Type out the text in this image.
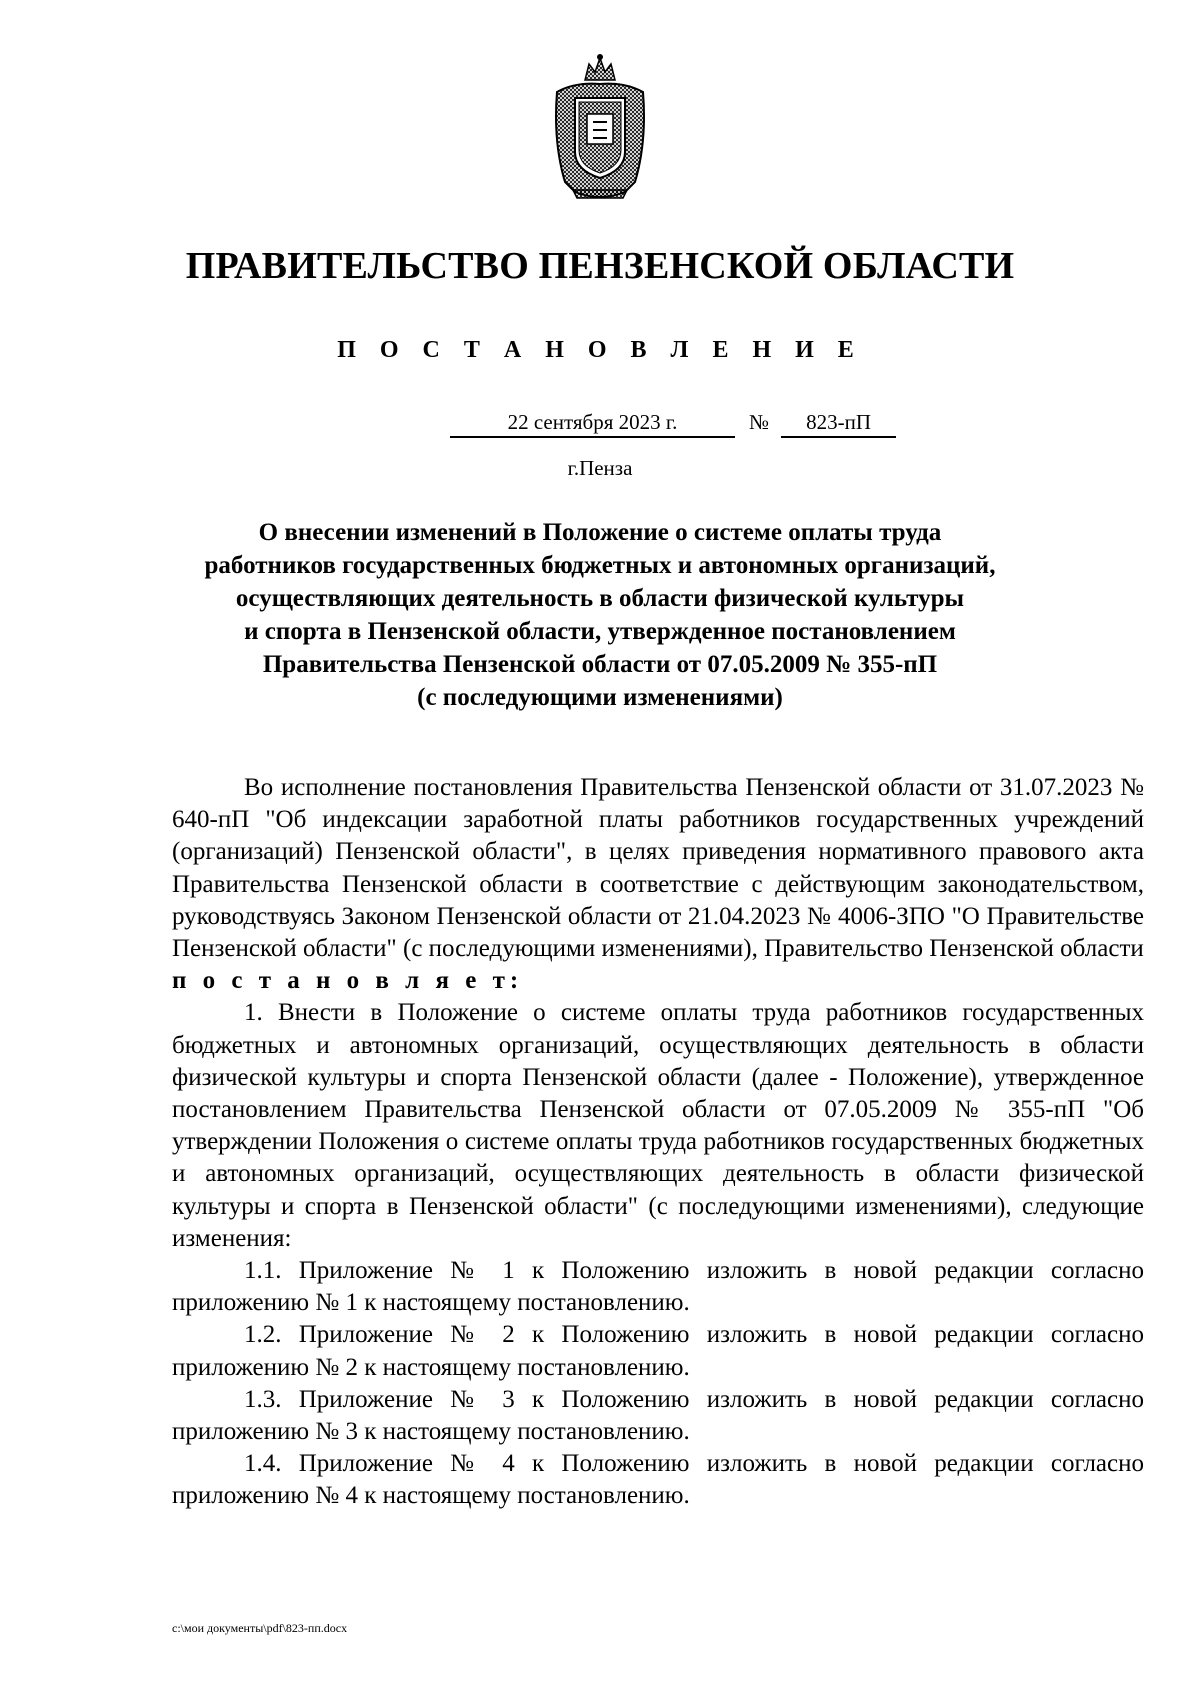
ПРАВИТЕЛЬСТВО ПЕНЗЕНСКОЙ ОБЛАСТИ
П О С Т А Н О В Л Е Н И Е
22 сентября 2023 г.	№	823-пП
г.Пенза
О внесении изменений в Положение о системе оплаты труда
работников государственных бюджетных и автономных организаций,
осуществляющих деятельность в области физической культуры
и спорта в Пензенской области, утвержденное постановлением
Правительства Пензенской области от 07.05.2009 № 355-пП
(с последующими изменениями)

Во исполнение постановления Правительства Пензенской области от 31.07.2023 № 640-пП "Об индексации заработной платы работников государственных учреждений (организаций) Пензенской области", в целях приведения нормативного правового акта Правительства Пензенской области в соответствие с действующим законодательством, руководствуясь Законом Пензенской области от 21.04.2023 № 4006-ЗПО "О Правительстве Пензенской области" (с последующими изменениями), Правительство Пензенской области

п о с т а н о в л я е т:

1. Внести в Положение о системе оплаты труда работников государственных бюджетных и автономных организаций, осуществляющих деятельность в области физической культуры и спорта Пензенской области (далее - Положение), утвержденное постановлением Правительства Пензенской области от 07.05.2009 № 355-пП "Об утверждении Положения о системе оплаты труда работников государственных бюджетных и автономных организаций, осуществляющих деятельность в области физической культуры и спорта в Пензенской области" (с последующими изменениями), следующие изменения:

1.1. Приложение № 1 к Положению изложить в новой редакции согласно приложению № 1 к настоящему постановлению.

1.2. Приложение № 2 к Положению изложить в новой редакции согласно приложению № 2 к настоящему постановлению.

1.3. Приложение № 3 к Положению изложить в новой редакции согласно приложению № 3 к настоящему постановлению.

1.4. Приложение № 4 к Положению изложить в новой редакции согласно приложению № 4 к настоящему постановлению.

c:\мои документы\pdf\823-пп.docx
